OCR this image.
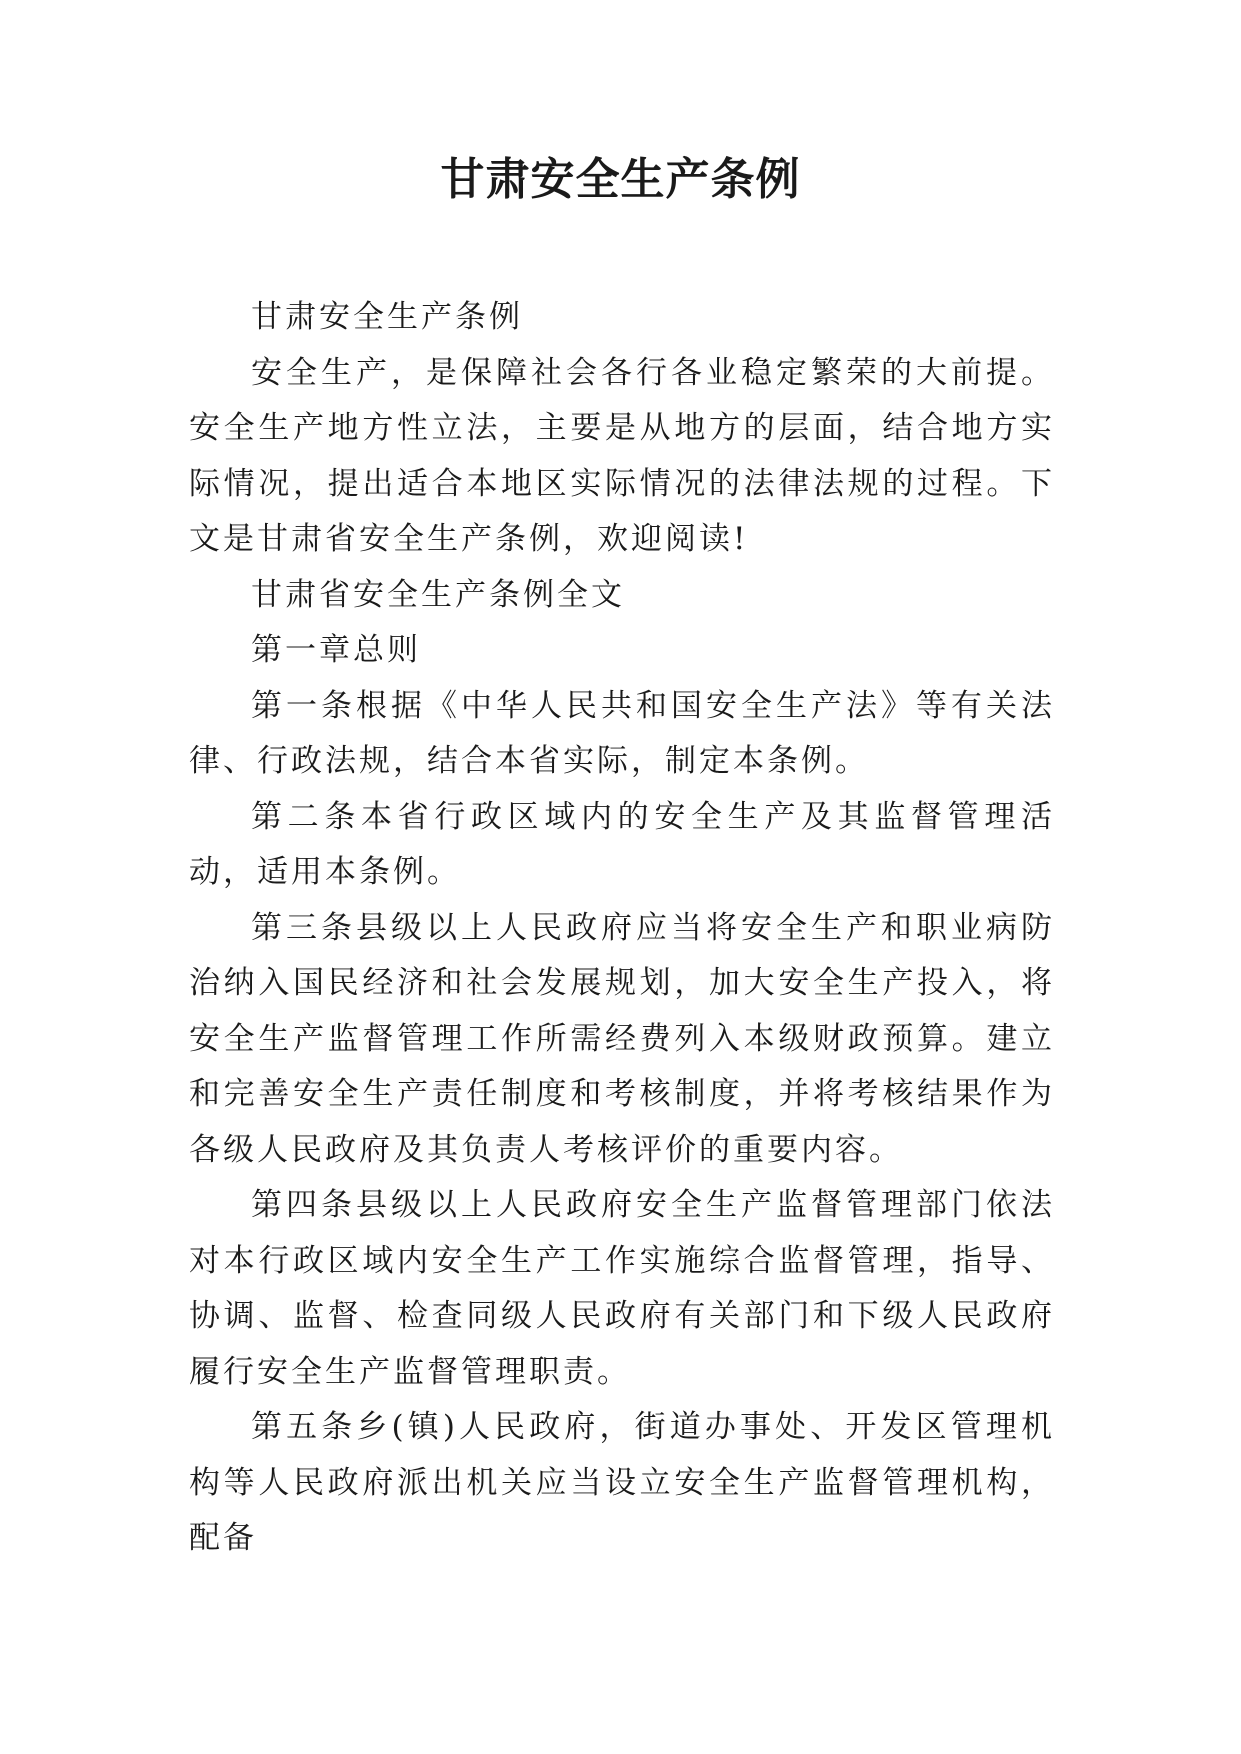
甘肃安全生产条例

甘肃安全生产条例

安全生产，是保障社会各行各业稳定繁荣的大前提。安全生产地方性立法，主要是从地方的层面，结合地方实际情况，提出适合本地区实际情况的法律法规的过程。下文是甘肃省安全生产条例，欢迎阅读!

甘肃省安全生产条例全文

第一章总则

第一条根据《中华人民共和国安全生产法》等有关法律、行政法规，结合本省实际，制定本条例。

第二条本省行政区域内的安全生产及其监督管理活动，适用本条例。

第三条县级以上人民政府应当将安全生产和职业病防治纳入国民经济和社会发展规划，加大安全生产投入，将安全生产监督管理工作所需经费列入本级财政预算。建立和完善安全生产责任制度和考核制度，并将考核结果作为各级人民政府及其负责人考核评价的重要内容。

第四条县级以上人民政府安全生产监督管理部门依法对本行政区域内安全生产工作实施综合监督管理，指导、协调、监督、检查同级人民政府有关部门和下级人民政府履行安全生产监督管理职责。

第五条乡(镇)人民政府，街道办事处、开发区管理机构等人民政府派出机关应当设立安全生产监督管理机构，配备
